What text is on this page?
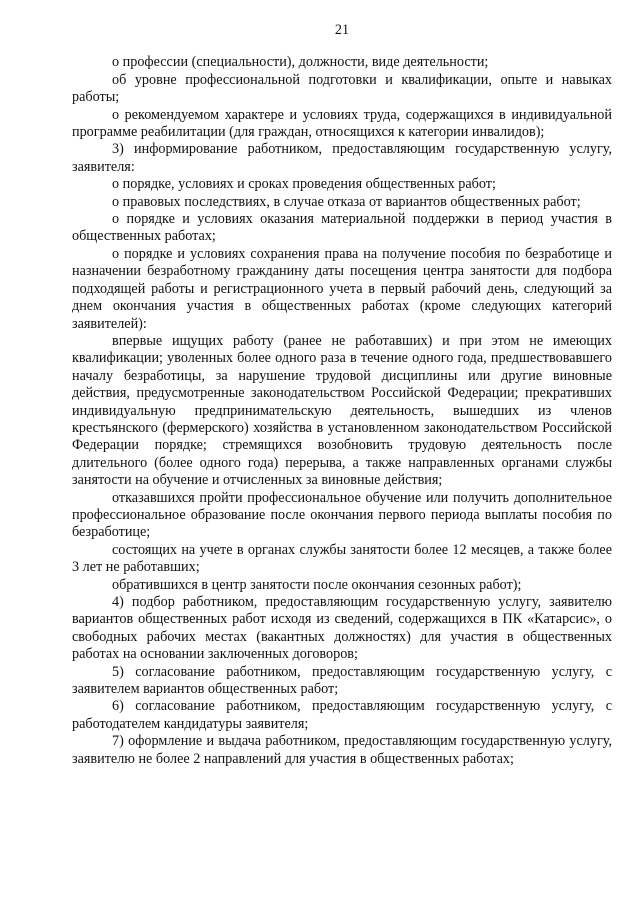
21

о профессии (специальности), должности, виде деятельности;

об уровне профессиональной подготовки и квалификации, опыте и навыках работы;

о рекомендуемом характере и условиях труда, содержащихся в индивидуальной программе реабилитации (для граждан, относящихся к категории инвалидов);

3) информирование работником, предоставляющим государственную услугу, заявителя:

о порядке, условиях и сроках проведения общественных работ;

о правовых последствиях, в случае отказа от вариантов общественных работ;

о порядке и условиях оказания материальной поддержки в период участия в общественных работах;

о порядке и условиях сохранения права на получение пособия по безработице и назначении безработному гражданину даты посещения центра занятости для подбора подходящей работы и регистрационного учета в первый рабочий день, следующий за днем окончания участия в общественных работах (кроме следующих категорий заявителей):

впервые ищущих работу (ранее не работавших) и при этом не имеющих квалификации; уволенных более одного раза в течение одного года, предшествовавшего началу безработицы, за нарушение трудовой дисциплины или другие виновные действия, предусмотренные законодательством Российской Федерации; прекративших индивидуальную предпринимательскую деятельность, вышедших из членов крестьянского (фермерского) хозяйства в установленном законодательством Российской Федерации порядке; стремящихся возобновить трудовую деятельность после длительного (более одного года) перерыва, а также направленных органами службы занятости на обучение и отчисленных за виновные действия;

отказавшихся пройти профессиональное обучение или получить дополнительное профессиональное образование после окончания первого периода выплаты пособия по безработице;

состоящих на учете в органах службы занятости более 12 месяцев, а также более 3 лет не работавших;

обратившихся в центр занятости после окончания сезонных работ);

4) подбор работником, предоставляющим государственную услугу, заявителю вариантов общественных работ исходя из сведений, содержащихся в ПК «Катарсис», о свободных рабочих местах (вакантных должностях) для участия в общественных работах на основании заключенных договоров;

5) согласование работником, предоставляющим государственную услугу, с заявителем вариантов общественных работ;

6) согласование работником, предоставляющим государственную услугу, с работодателем кандидатуры заявителя;

7) оформление и выдача работником, предоставляющим государственную услугу, заявителю не более 2 направлений для участия в общественных работах;
